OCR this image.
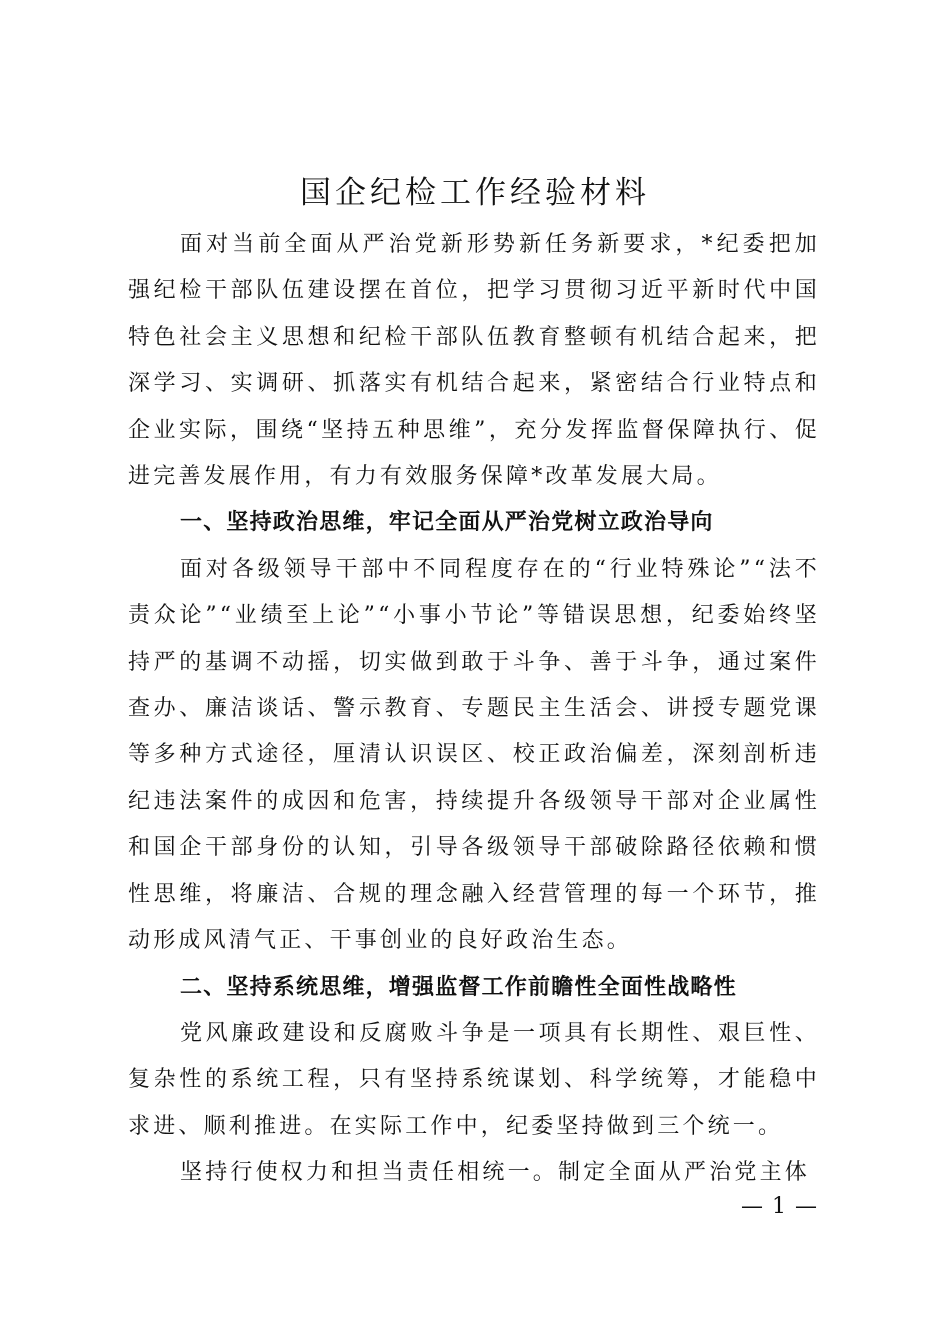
国企纪检工作经验材料

面对当前全面从严治党新形势新任务新要求，*纪委把加强纪检干部队伍建设摆在首位，把学习贯彻习近平新时代中国特色社会主义思想和纪检干部队伍教育整顿有机结合起来，把深学习、实调研、抓落实有机结合起来，紧密结合行业特点和企业实际，围绕“坚持五种思维”，充分发挥监督保障执行、促进完善发展作用，有力有效服务保障*改革发展大局。

一、坚持政治思维，牢记全面从严治党树立政治导向

面对各级领导干部中不同程度存在的“行业特殊论”“法不责众论”“业绩至上论”“小事小节论”等错误思想，纪委始终坚持严的基调不动摇，切实做到敢于斗争、善于斗争，通过案件查办、廉洁谈话、警示教育、专题民主生活会、讲授专题党课等多种方式途径，厘清认识误区、校正政治偏差，深刻剖析违纪违法案件的成因和危害，持续提升各级领导干部对企业属性和国企干部身份的认知，引导各级领导干部破除路径依赖和惯性思维，将廉洁、合规的理念融入经营管理的每一个环节，推动形成风清气正、干事创业的良好政治生态。

二、坚持系统思维，增强监督工作前瞻性全面性战略性

党风廉政建设和反腐败斗争是一项具有长期性、艰巨性、复杂性的系统工程，只有坚持系统谋划、科学统筹，才能稳中求进、顺利推进。在实际工作中，纪委坚持做到三个统一。

坚持行使权力和担当责任相统一。制定全面从严治党主体

— 1 —
